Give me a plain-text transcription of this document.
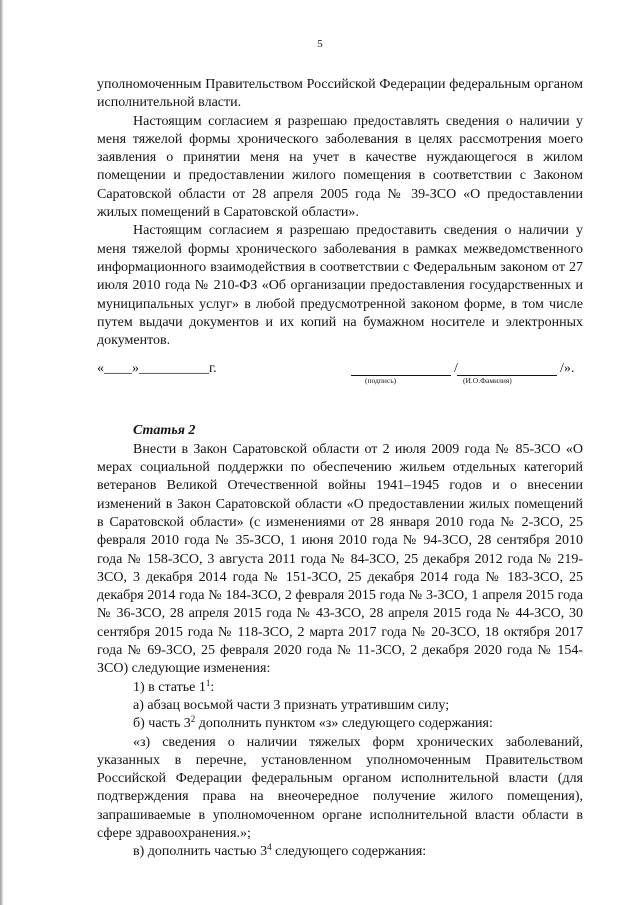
5

уполномоченным Правительством Российской Федерации федеральным органом исполнительной власти.

Настоящим согласием я разрешаю предоставлять сведения о наличии у меня тяжелой формы хронического заболевания в целях рассмотрения моего заявления о принятии меня на учет в качестве нуждающегося в жилом помещении и предоставлении жилого помещения в соответствии с Законом Саратовской области от 28 апреля 2005 года № 39-ЗСО «О предоставлении жилых помещений в Саратовской области».

Настоящим согласием я разрешаю предоставить сведения о наличии у меня тяжелой формы хронического заболевания в рамках межведомственного информационного взаимодействия в соответствии с Федеральным законом от 27 июля 2010 года № 210-ФЗ «Об организации предоставления государственных и муниципальных услуг» в любой предусмотренной законом форме, в том числе путем выдачи документов и их копий на бумажном носителе и электронных документов.

«____»__________г.
(подпись)	(И.О.Фамилия)
/	/».

Статья 2

Внести в Закон Саратовской области от 2 июля 2009 года № 85-ЗСО «О мерах социальной поддержки по обеспечению жильем отдельных категорий ветеранов Великой Отечественной войны 1941–1945 годов и о внесении изменений в Закон Саратовской области «О предоставлении жилых помещений в Саратовской области» (с изменениями от 28 января 2010 года № 2-ЗСО, 25 февраля 2010 года № 35-ЗСО, 1 июня 2010 года № 94-ЗСО, 28 сентября 2010 года № 158-ЗСО, 3 августа 2011 года № 84-ЗСО, 25 декабря 2012 года № 219-ЗСО, 3 декабря 2014 года № 151-ЗСО, 25 декабря 2014 года № 183-ЗСО, 25 декабря 2014 года № 184-ЗСО, 2 февраля 2015 года № 3-ЗСО, 1 апреля 2015 года № 36-ЗСО, 28 апреля 2015 года № 43-ЗСО, 28 апреля 2015 года № 44-ЗСО, 30 сентября 2015 года № 118-ЗСО, 2 марта 2017 года № 20-ЗСО, 18 октября 2017 года № 69-ЗСО, 25 февраля 2020 года № 11-ЗСО, 2 декабря 2020 года № 154-ЗСО) следующие изменения:

1) в статье $1^1$:

а) абзац восьмой части 3 признать утратившим силу;

б) часть $3^2$ дополнить пунктом «з» следующего содержания:

«з) сведения о наличии тяжелых форм хронических заболеваний, указанных в перечне, установленном уполномоченным Правительством Российской Федерации федеральным органом исполнительной власти (для подтверждения права на внеочередное получение жилого помещения), запрашиваемые в уполномоченном органе исполнительной власти области в сфере здравоохранения.»;

в) дополнить частью $3^4$ следующего содержания:
